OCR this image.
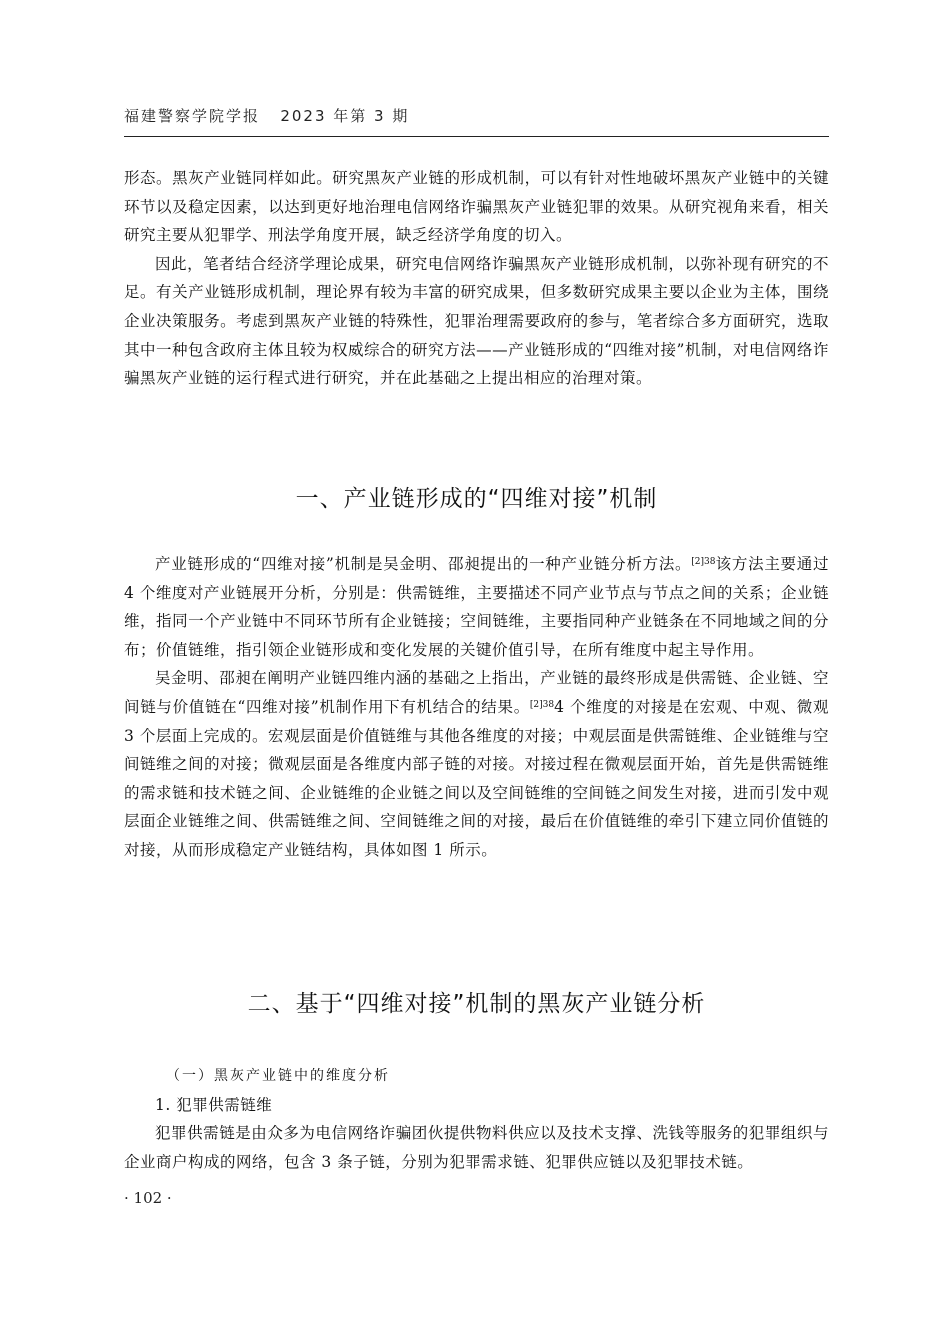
福建警察学院学报 2023 年第 3 期

形态。黑灰产业链同样如此。研究黑灰产业链的形成机制，可以有针对性地破坏黑灰产业链中的关键环节以及稳定因素，以达到更好地治理电信网络诈骗黑灰产业链犯罪的效果。从研究视角来看，相关研究主要从犯罪学、刑法学角度开展，缺乏经济学角度的切入。

因此，笔者结合经济学理论成果，研究电信网络诈骗黑灰产业链形成机制，以弥补现有研究的不足。有关产业链形成机制，理论界有较为丰富的研究成果，但多数研究成果主要以企业为主体，围绕企业决策服务。考虑到黑灰产业链的特殊性，犯罪治理需要政府的参与，笔者综合多方面研究，选取其中一种包含政府主体且较为权威综合的研究方法——产业链形成的“四维对接”机制，对电信网络诈骗黑灰产业链的运行程式进行研究，并在此基础之上提出相应的治理对策。

一、产业链形成的“四维对接”机制

产业链形成的“四维对接”机制是吴金明、邵昶提出的一种产业链分析方法。$^{[2]38}$该方法主要通过 4 个维度对产业链展开分析，分别是：供需链维，主要描述不同产业节点与节点之间的关系；企业链维，指同一个产业链中不同环节所有企业链接；空间链维，主要指同种产业链条在不同地域之间的分布；价值链维，指引领企业链形成和变化发展的关键价值引导，在所有维度中起主导作用。

吴金明、邵昶在阐明产业链四维内涵的基础之上指出，产业链的最终形成是供需链、企业链、空间链与价值链在“四维对接”机制作用下有机结合的结果。$^{[2]38}$4 个维度的对接是在宏观、中观、微观 3 个层面上完成的。宏观层面是价值链维与其他各维度的对接；中观层面是供需链维、企业链维与空间链维之间的对接；微观层面是各维度内部子链的对接。对接过程在微观层面开始，首先是供需链维的需求链和技术链之间、企业链维的企业链之间以及空间链维的空间链之间发生对接，进而引发中观层面企业链维之间、供需链维之间、空间链维之间的对接，最后在价值链维的牵引下建立同价值链的对接，从而形成稳定产业链结构，具体如图 1 所示。

二、基于“四维对接”机制的黑灰产业链分析

（一）黑灰产业链中的维度分析

1. 犯罪供需链维

犯罪供需链是由众多为电信网络诈骗团伙提供物料供应以及技术支撑、洗钱等服务的犯罪组织与企业商户构成的网络，包含 3 条子链，分别为犯罪需求链、犯罪供应链以及犯罪技术链。

· 102 ·
